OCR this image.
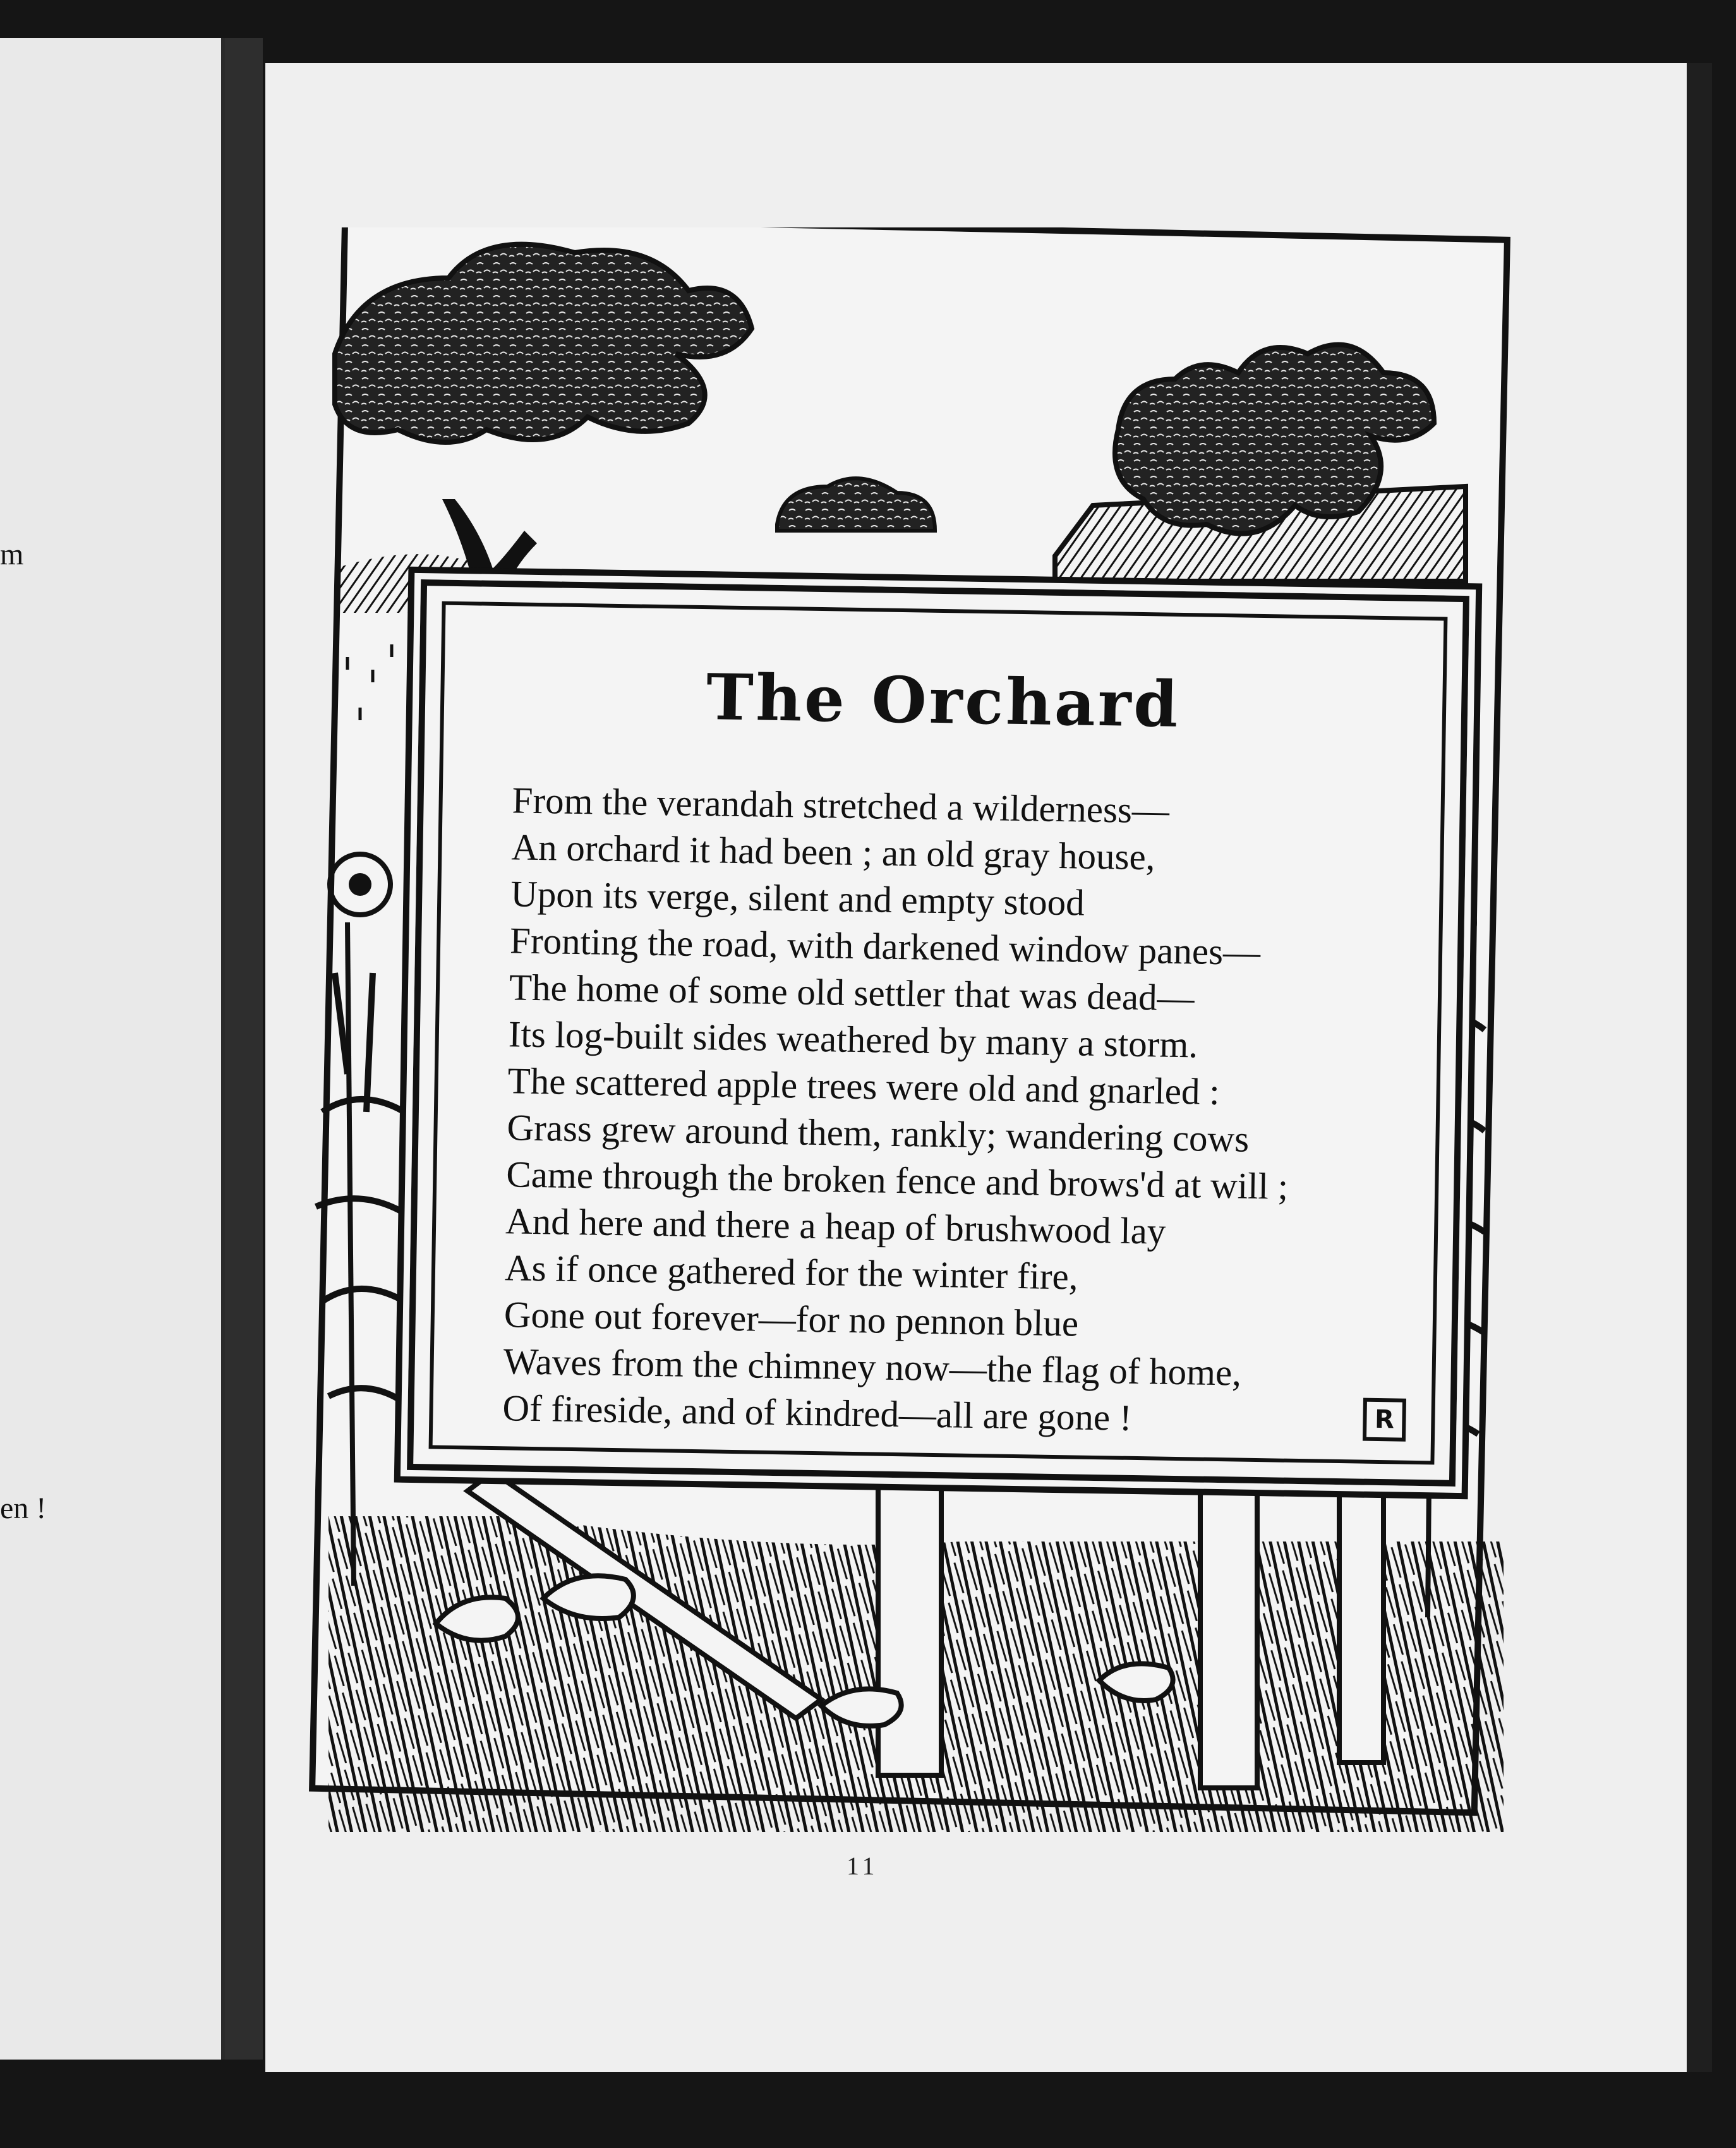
m
en !
The Orchard
From the verandah stretched a wilderness—
An orchard it had been ; an old gray house,
Upon its verge, silent and empty stood
Fronting the road, with darkened window panes—
The home of some old settler that was dead—
Its log-built sides weathered by many a storm.
The scattered apple trees were old and gnarled :
Grass grew around them, rankly; wandering cows
Came through the broken fence and brows'd at will ;
And here and there a heap of brushwood lay
As if once gathered for the winter fire,
Gone out forever—for no pennon blue
Waves from the chimney now—the flag of home,
Of fireside, and of kindred—all are gone !	R
11
